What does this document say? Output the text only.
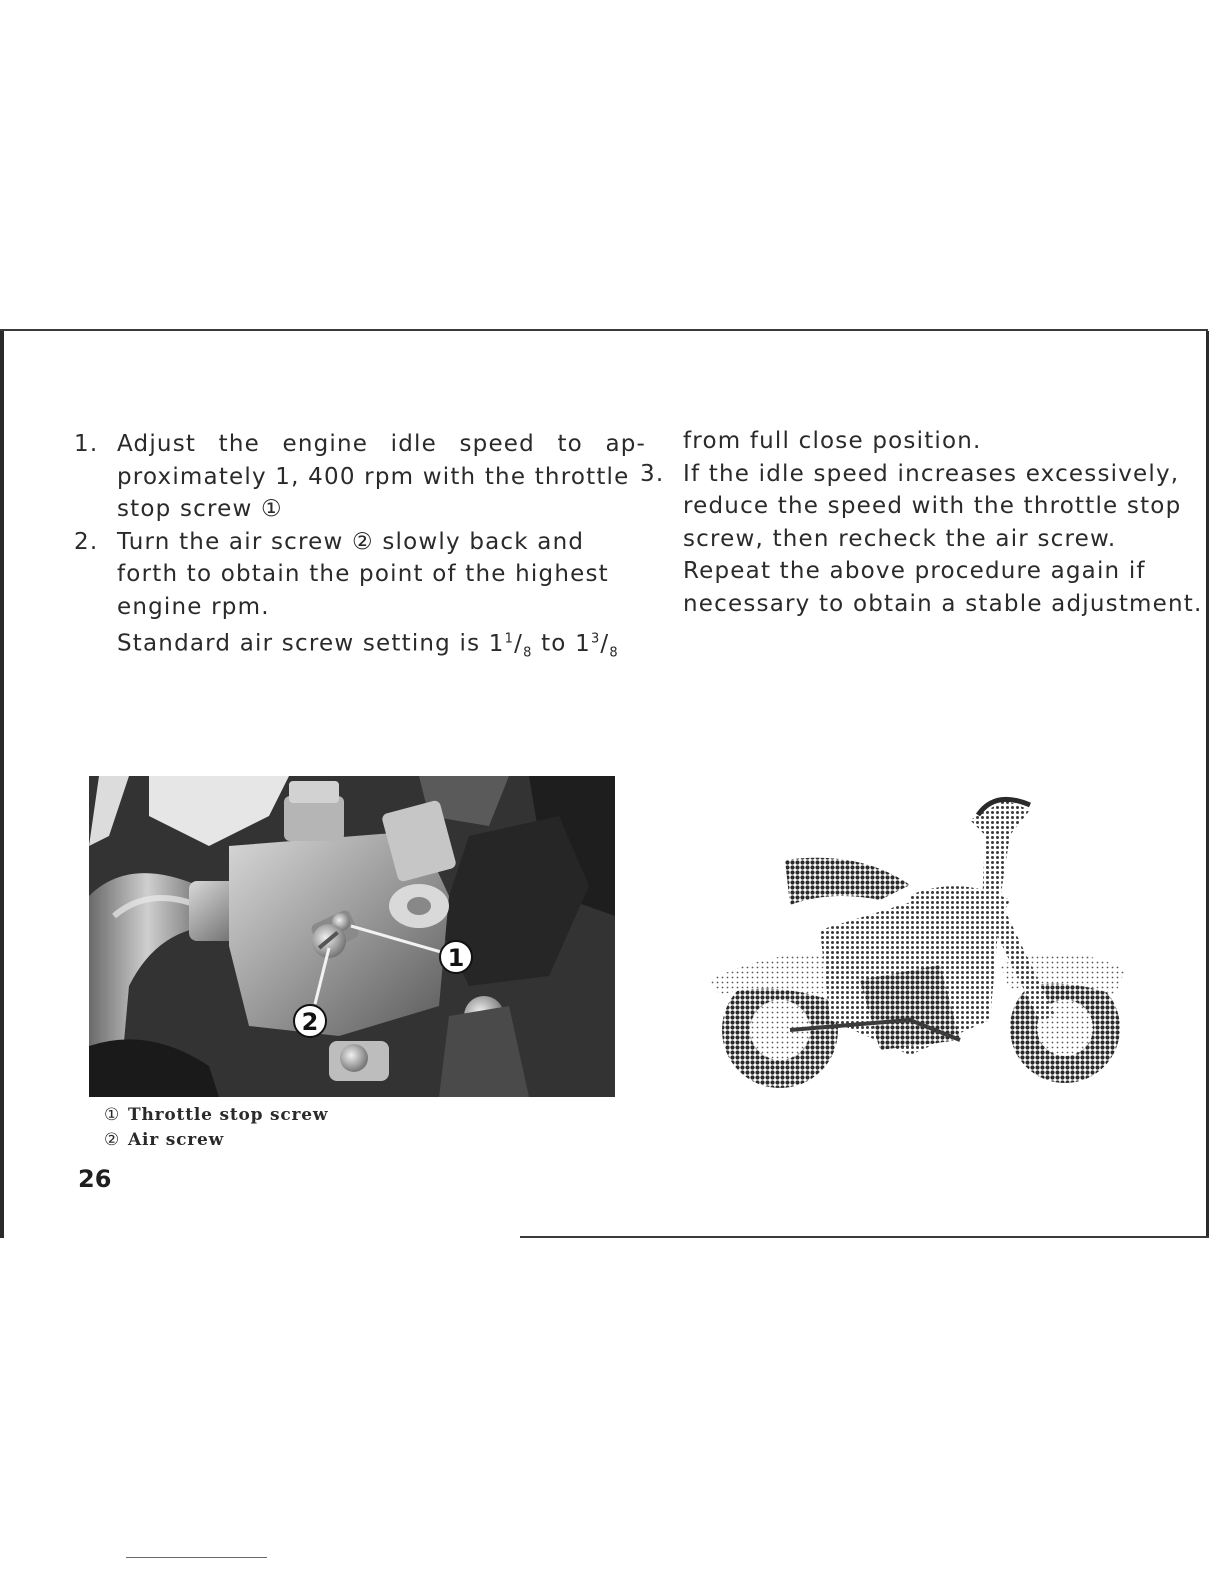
1. Adjust the engine idle speed to ap-
proximately 1, 400 rpm with the throttle
stop screw ①
2. Turn the air screw ② slowly back and
forth to obtain the point of the highest
engine rpm.
Standard air screw setting is $1^1/_8$ to $1^3/_8$
from full close position.
3. If the idle speed increases excessively,
reduce the speed with the throttle stop
screw, then recheck the air screw.
Repeat the above procedure again if
necessary to obtain a stable adjustment.
1
2
① Throttle stop screw
② Air screw
26
